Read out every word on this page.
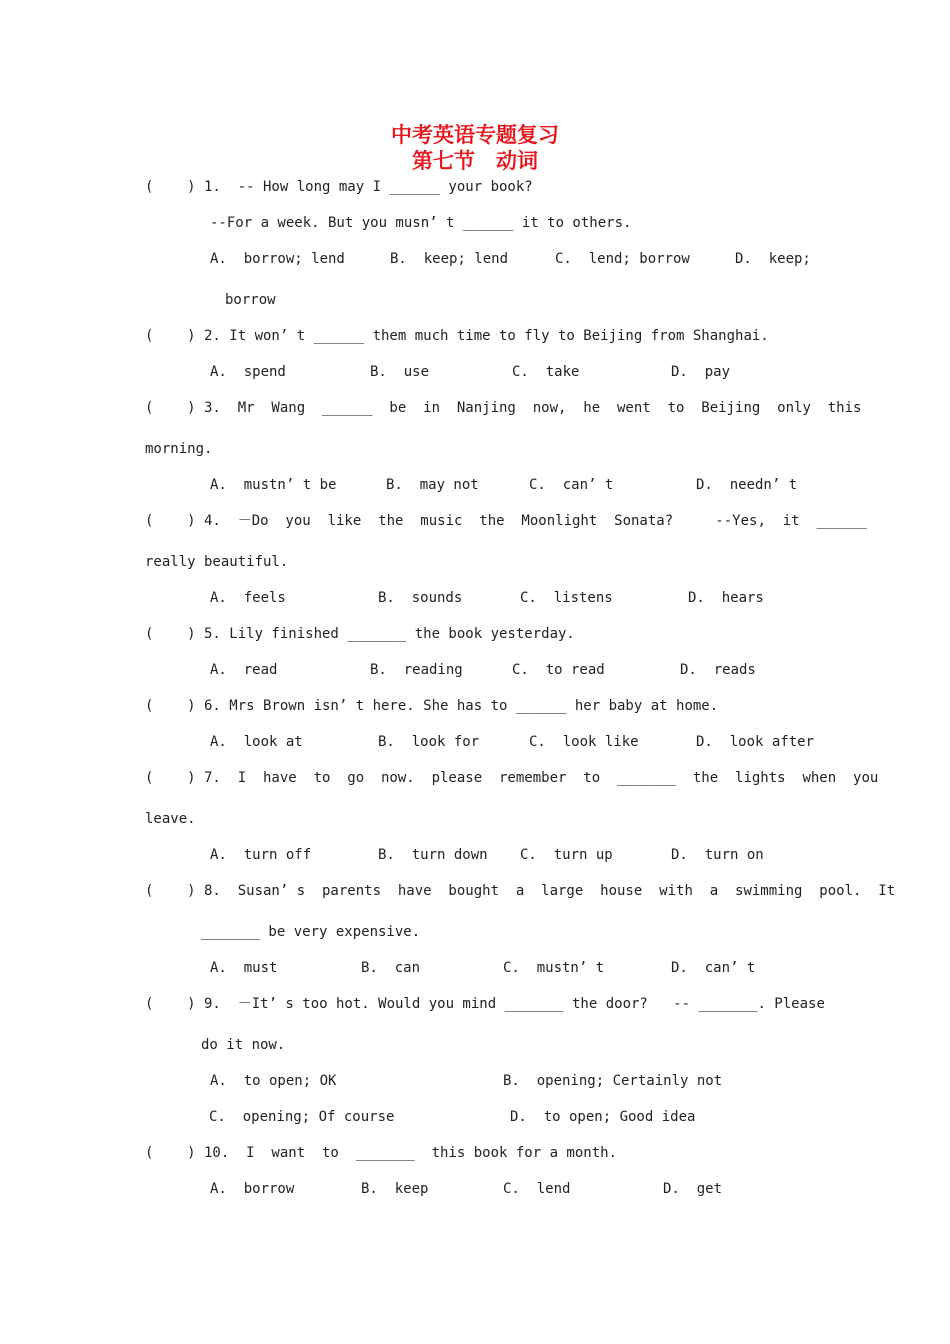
中考英语专题复习
第七节　动词
(    ) 1.  -- How long may I ______ your book?
--For a week. But you musn’ t ______ it to others.
A.  borrow; lend	B.  keep; lend	C.  lend; borrow	D.  keep;
borrow
(    ) 2. It won’ t ______ them much time to fly to Beijing from Shanghai.
A.  spend	B.  use	C.  take	D.  pay
(    ) 3.  Mr  Wang  ______  be  in  Nanjing  now,  he  went  to  Beijing  only  this
morning.
A.  mustn’ t be	B.  may not	C.  can’ t	D.  needn’ t
(    ) 4.  －Do  you  like  the  music  the  Moonlight  Sonata?     --Yes,  it  ______
really beautiful.
A.  feels	B.  sounds	C.  listens	D.  hears
(    ) 5. Lily finished _______ the book yesterday.
A.  read	B.  reading	C.  to read	D.  reads
(    ) 6. Mrs Brown isn’ t here. She has to ______ her baby at home.
A.  look at	B.  look for	C.  look like	D.  look after
(    ) 7.  I  have  to  go  now.  please  remember  to  _______  the  lights  when  you
leave.
A.  turn off	B.  turn down C.  turn up	D.  turn on
(    ) 8.  Susan’ s  parents  have  bought  a  large  house  with  a  swimming  pool.  It
_______ be very expensive.
A.  must	B.  can	C.  mustn’ t	D.  can’ t
(    ) 9.  －It’ s too hot. Would you mind _______ the door?   -- _______. Please
do it now.
A.  to open; OK	B.  opening; Certainly not
C.  opening; Of course	D.  to open; Good idea
(    ) 10.  I  want  to  _______  this book for a month.
A.  borrow	B.  keep	C.  lend	D.  get
